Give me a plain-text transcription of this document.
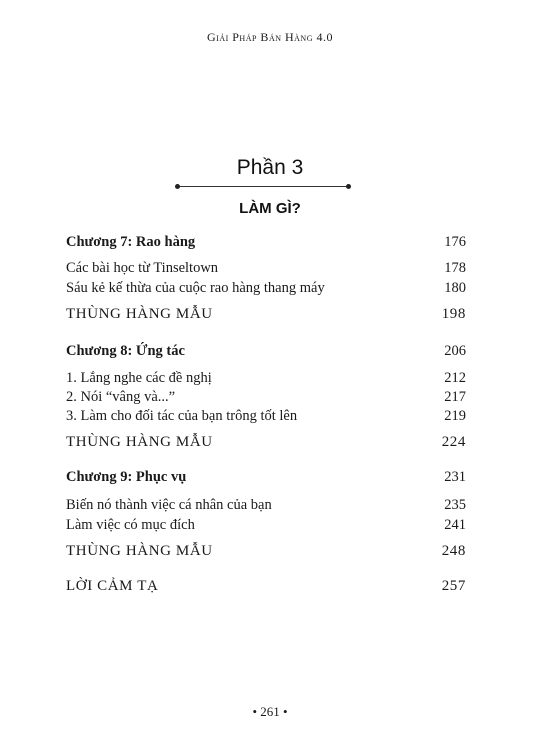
Giải Pháp Bán Hàng 4.0
Phần 3
LÀM GÌ?
Chương 7: Rao hàng	176
Các bài học từ Tinseltown	178
Sáu kẻ kế thừa của cuộc rao hàng thang máy	180
THÙNG HÀNG MẪU	198
Chương 8: Ứng tác	206
1. Lắng nghe các đề nghị	212
2. Nói “vâng và...”	217
3. Làm cho đối tác của bạn trông tốt lên	219
THÙNG HÀNG MẪU	224
Chương 9: Phục vụ	231
Biến nó thành việc cá nhân của bạn	235
Làm việc có mục đích	241
THÙNG HÀNG MẪU	248
LỜI CẢM TẠ	257
• 261 •
